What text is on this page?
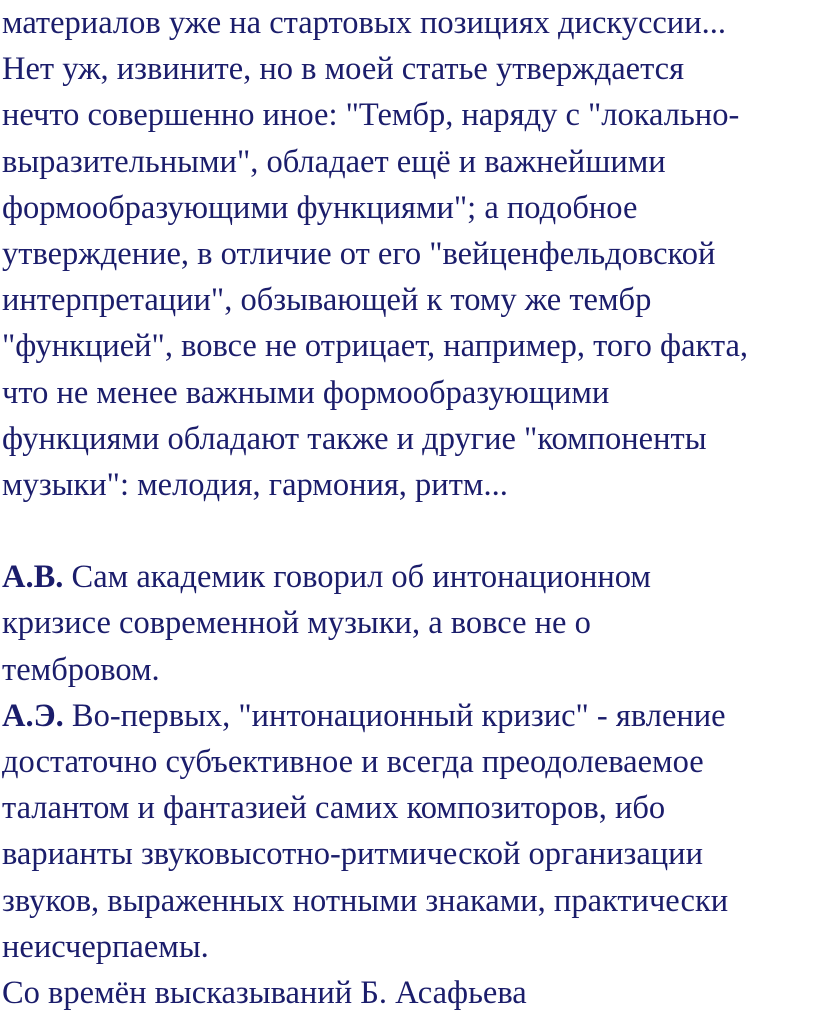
материалов уже на стартовых позициях дискуссии...
Нет уж, извините, но в моей статье утверждается
нечто совершенно иное: "Тембр, наряду с "локально-
выразительными", обладает ещё и важнейшими
формообразующими функциями"; а подобное
утверждение, в отличие от его "вейценфельдовской
интерпретации", обзывающей к тому же тембр
"функцией", вовсе не отрицает, например, того факта,
что не менее важными формообразующими
функциями обладают также и другие "компоненты
музыки": мелодия, гармония, ритм...
А.В. Сам академик говорил об интонационном
кризисе современной музыки, а вовсе не о
тембровом.
А.Э. Во-первых, "интонационный кризис" - явление
достаточно субъективное и всегда преодолеваемое
талантом и фантазией самих композиторов, ибо
варианты звуковысотно-ритмической организации
звуков, выраженных нотными знаками, практически
неисчерпаемы.
Со времён высказываний Б. Асафьева
